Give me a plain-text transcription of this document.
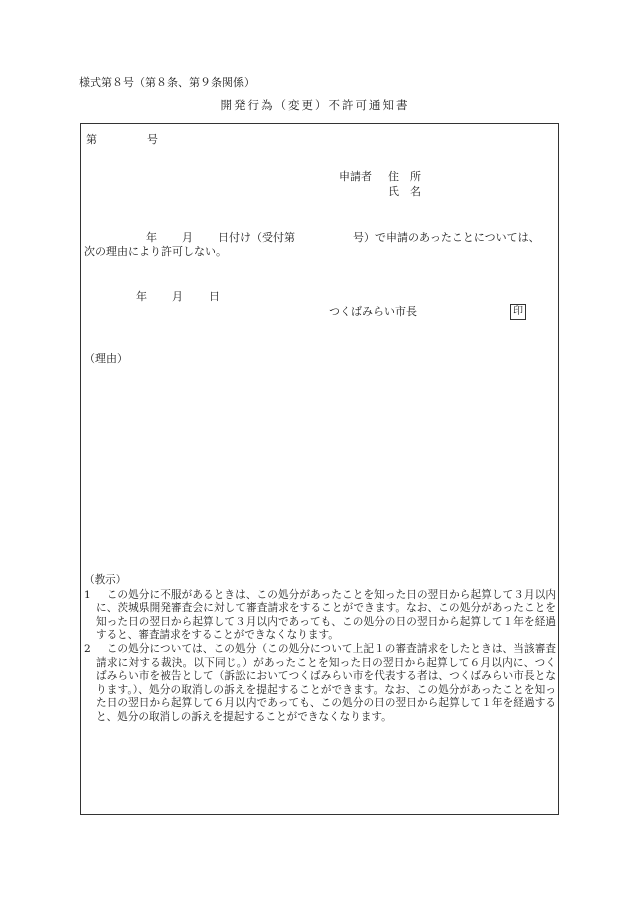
様式第８号（第８条、第９条関係）
開発行為（変更）不許可通知書
第	号
申請者 住　所
氏　名
年 月 日付け（受付第	号）で申請のあったことについては、
次の理由により許可しない。
年 月 日
つくばみらい市長	印
（理由）
（教示）
1 　この処分に不服があるときは、この処分があったことを知った日の翌日から起算して３月以内に、茨城県開発審査会に対して審査請求をすることができます。なお、この処分があったことを知った日の翌日から起算して３月以内であっても、この処分の日の翌日から起算して１年を経過すると、審査請求をすることができなくなります。
2 　この処分については、この処分（この処分について上記１の審査請求をしたときは、当該審査請求に対する裁決。以下同じ。）があったことを知った日の翌日から起算して６月以内に、つくばみらい市を被告として（訴訟においてつくばみらい市を代表する者は、つくばみらい市長となります。）、処分の取消しの訴えを提起することができます。なお、この処分があったことを知った日の翌日から起算して６月以内であっても、この処分の日の翌日から起算して１年を経過すると、処分の取消しの訴えを提起することができなくなります。
